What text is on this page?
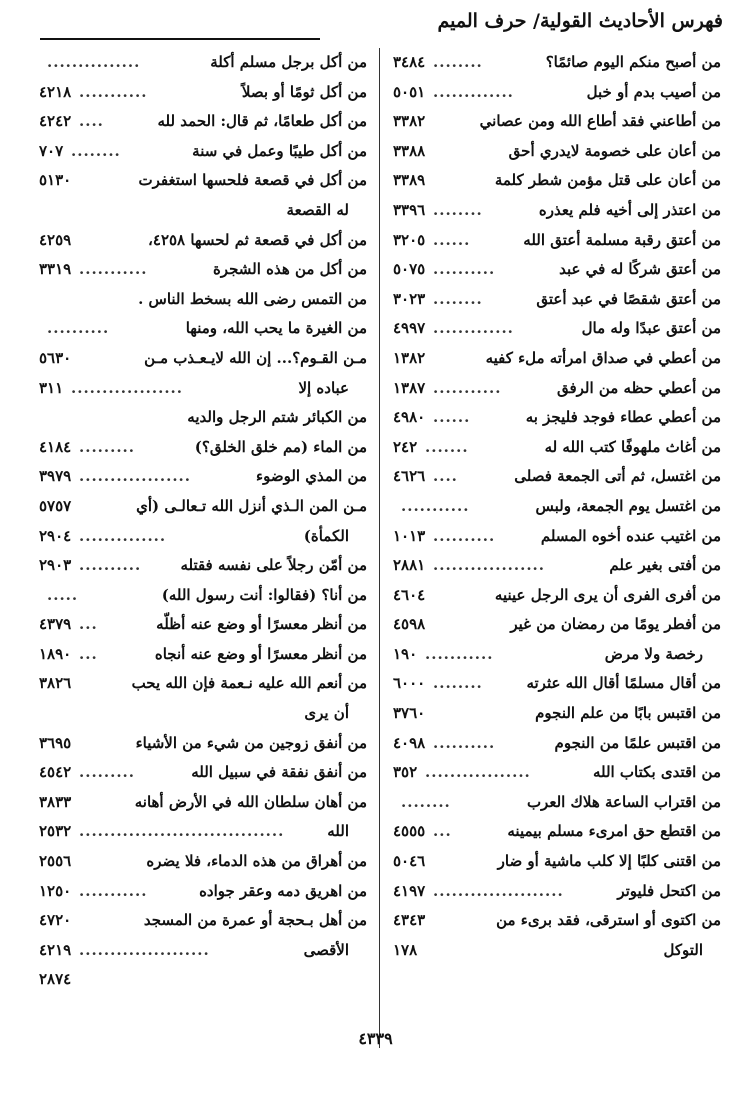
فهرس الأحاديث القولية/ حرف الميم
من أصبح منكم اليوم صائمًا؟
........
٣٤٨٤
من أصيب بدم أو خبل
.............
٥٠٥١
من أطاعني فقد أطاع الله ومن عصاني
٣٣٨٢
من أعان على خصومة لايدري أحق
٣٣٨٨
من أعان على قتل مؤمن شطر كلمة
٣٣٨٩
من اعتذر إلى أخيه فلم يعذره
........
٣٣٩٦
من أعتق رقبة مسلمة أعتق الله
......
٣٢٠٥
من أعتق شركًا له في عبد
..........
٥٠٧٥
من أعتق شقصًا في عبد أعتق
........
٣٠٢٣
من أعتق عبدًا وله مال
.............
٤٩٩٧
من أعطي في صداق امرأته ملء كفيه
١٣٨٢
من أعطي حظه من الرفق
...........
١٣٨٧
من أعطي عطاء فوجد فليجز به
......
٤٩٨٠
من أغاث ملهوفًا كتب الله له
.......
٢٤٢
من اغتسل، ثم أتى الجمعة فصلى
....
٤٦٢٦
من اغتسل يوم الجمعة، ولبس
...........
من اغتيب عنده أخوه المسلم
..........
١٠١٣
من أفتى بغير علم
..................
٢٨٨١
من أفرى الفرى أن يرى الرجل عينيه
٤٦٠٤
من أفطر يومًا من رمضان من غير
٤٥٩٨
رخصة ولا مرض
...........
١٩٠
من أقال مسلمًا أقال الله عثرته
........
٦٠٠٠
من اقتبس بابًا من علم النجوم
٣٧٦٠
من اقتبس علمًا من النجوم
..........
٤٠٩٨
من اقتدى بكتاب الله
.................
٣٥٢
من اقتراب الساعة هلاك العرب
........
من اقتطع حق امرىء مسلم بيمينه
...
٤٥٥٥
من اقتنى كلبًا إلا كلب ماشية أو ضار
٥٠٤٦
من اكتحل فليوتر
.....................
٤١٩٧
من اكتوى أو استرقى، فقد برىء من
٤٣٤٣
التوكل
١٧٨
من أكل برجل مسلم أكلة
...............
من أكل ثومًا أو بصلاً
...........
٤٢١٨
من أكل طعامًا، ثم قال: الحمد لله
....
٤٢٤٢
من أكل طيبًا وعمل في سنة
........
٧٠٧
من أكل في قصعة فلحسها استغفرت
٥١٣٠
له القصعة
من أكل في قصعة ثم لحسها ٤٢٥٨،
٤٢٥٩
من أكل من هذه الشجرة
...........
٣٣١٩
من التمس رضى الله بسخط الناس .
من الغيرة ما يحب الله، ومنها
..........
مـن القـوم؟... إن الله لايـعـذب مـن
٥٦٣٠
عباده إلا
..................
٣١١
من الكبائر شتم الرجل والديه
من الماء (مم خلق الخلق؟)
.........
٤١٨٤
من المذي الوضوء
..................
٣٩٧٩
مـن المن الـذي أنزل الله تـعالـى (أي
٥٧٥٧
الكمأة)
..............
٢٩٠٤
من أمّن رجلاً على نفسه فقتله
..........
٢٩٠٣
من أنا؟ (فقالوا: أنت رسول الله)
.....
من أنظر معسرًا أو وضع عنه أظلّه
...
٤٣٧٩
من أنظر معسرًا أو وضع عنه أنجاه
...
١٨٩٠
من أنعم الله عليه نـعمة فإن الله يحب
٣٨٢٦
أن يرى
من أنفق زوجين من شيء من الأشياء
٣٦٩٥
من أنفق نفقة في سبيل الله
.........
٤٥٤٢
من أهان سلطان الله في الأرض أهانه
٣٨٣٣
الله
.................................
٢٥٣٢
من أهراق من هذه الدماء، فلا يضره
٢٥٥٦
من اهريق دمه وعقر جواده
...........
١٢٥٠
من أهل بـحجة أو عمرة من المسجد
٤٧٢٠
الأقصى
.....................
٤٢١٩
٢٨٧٤
٤٣٣٩
